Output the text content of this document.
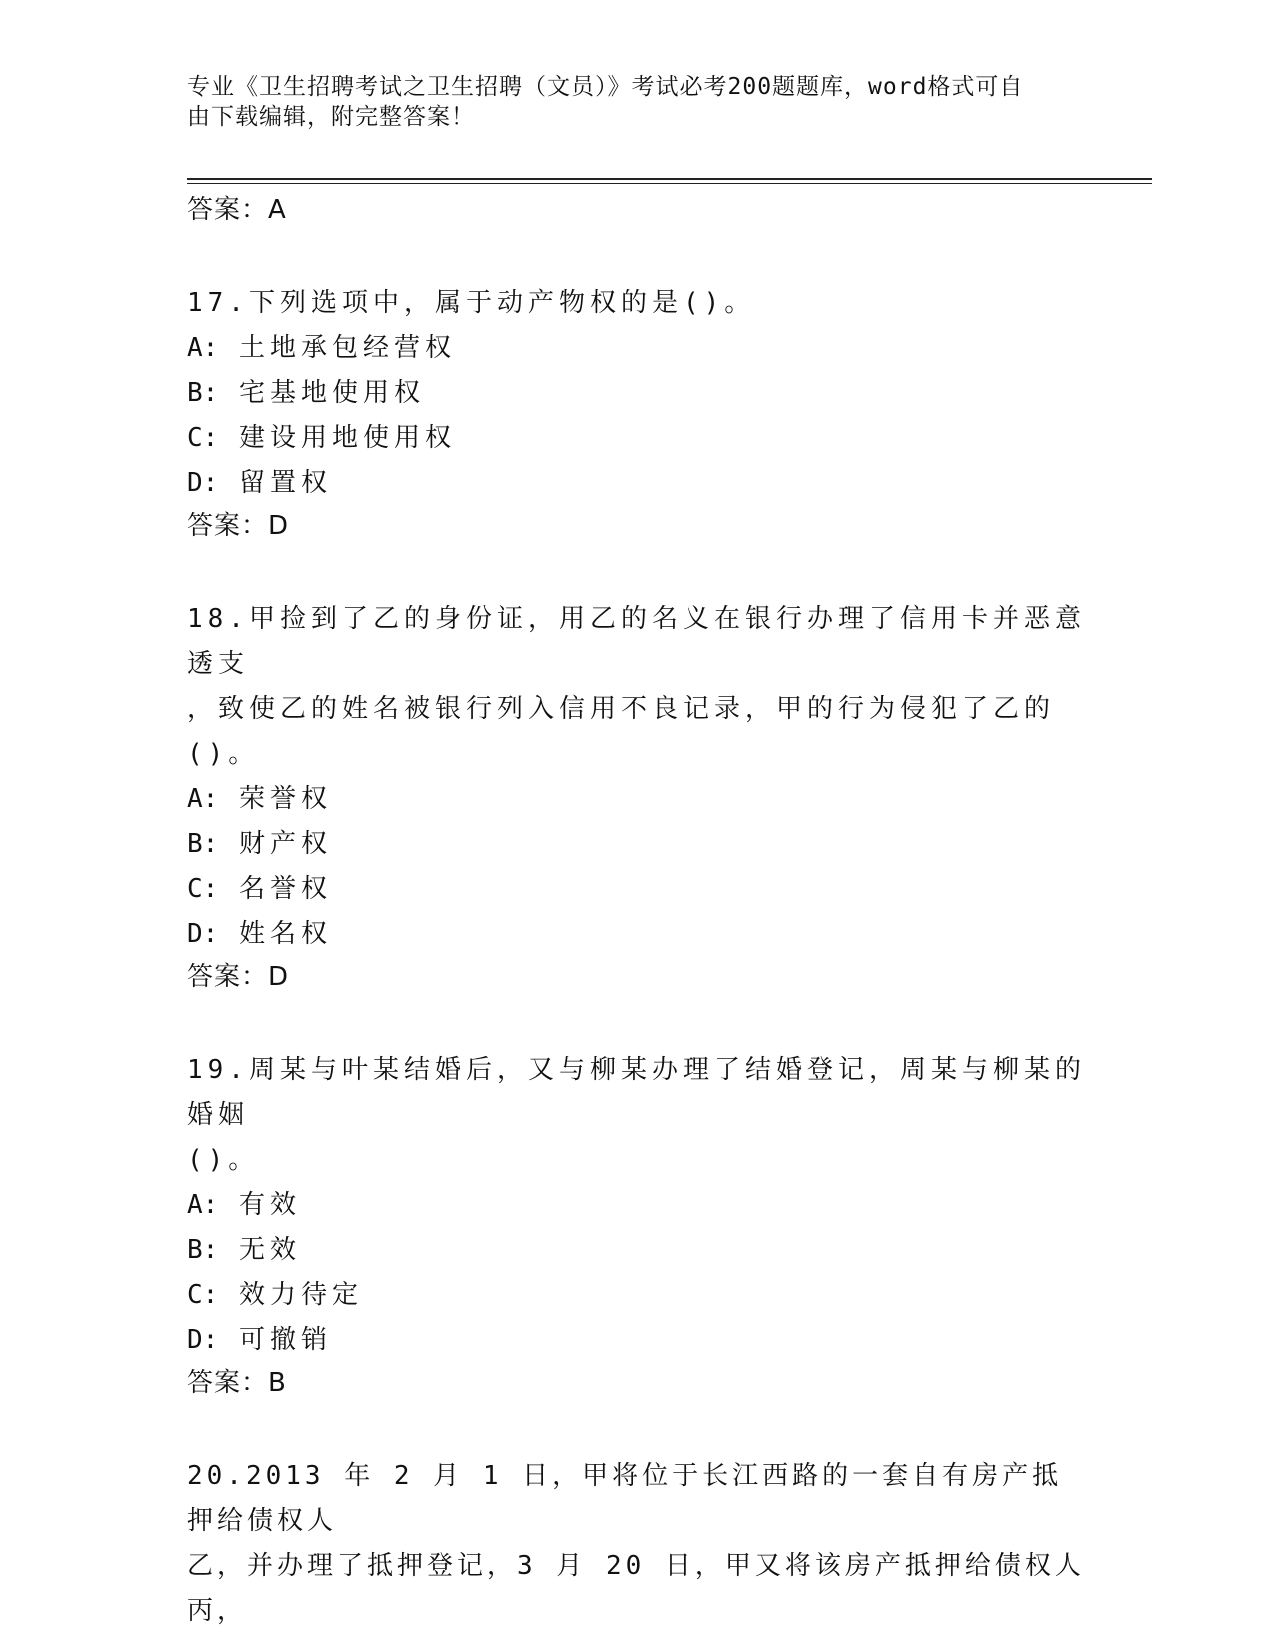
专业《卫生招聘考试之卫生招聘（文员）》考试必考200题题库，word格式可自
由下载编辑，附完整答案！
答案：A
17.下列选项中，属于动产物权的是()。
A: 土地承包经营权
B: 宅基地使用权
C: 建设用地使用权
D: 留置权
答案：D
18.甲捡到了乙的身份证，用乙的名义在银行办理了信用卡并恶意透支
，致使乙的姓名被银行列入信用不良记录，甲的行为侵犯了乙的()。
A: 荣誉权
B: 财产权
C: 名誉权
D: 姓名权
答案：D
19.周某与叶某结婚后，又与柳某办理了结婚登记，周某与柳某的婚姻
()。
A: 有效
B: 无效
C: 效力待定
D: 可撤销
答案：B
20.2013 年 2 月 1 日，甲将位于长江西路的一套自有房产抵押给债权人
乙，并办理了抵押登记，3 月 20 日，甲又将该房产抵押给债权人丙，
